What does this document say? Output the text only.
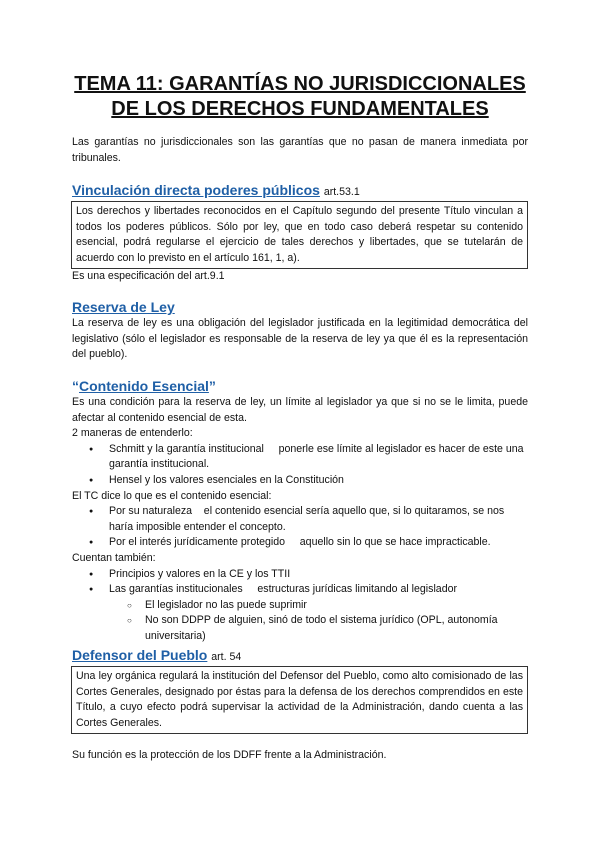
TEMA 11: GARANTÍAS NO JURISDICCIONALES
DE LOS DERECHOS FUNDAMENTALES
Las garantías no jurisdiccionales son las garantías que no pasan de manera inmediata por tribunales.
Vinculación directa poderes públicos art.53.1
Los derechos y libertades reconocidos en el Capítulo segundo del presente Título vinculan a todos los poderes públicos. Sólo por ley, que en todo caso deberá respetar su contenido esencial, podrá regularse el ejercicio de tales derechos y libertades, que se tutelarán de acuerdo con lo previsto en el artículo 161, 1, a).
Es una especificación del art.9.1
Reserva de Ley
La reserva de ley es una obligación del legislador justificada en la legitimidad democrática del legislativo (sólo el legislador es responsable de la reserva de ley ya que él es la representación del pueblo).
“Contenido Esencial”
Es una condición para la reserva de ley, un límite al legislador ya que si no se le limita, puede afectar al contenido esencial de esta.
2 maneras de entenderlo:
● Schmitt y la garantía institucional     ponerle ese límite al legislador es hacer de este una garantía institucional.
● Hensel y los valores esenciales en la Constitución
El TC dice lo que es el contenido esencial:
● Por su naturaleza    el contenido esencial sería aquello que, si lo quitaramos, se nos haría imposible entender el concepto.
● Por el interés jurídicamente protegido     aquello sin lo que se hace impracticable.
Cuentan también:
● Principios y valores en la CE y los TTII
● Las garantías institucionales     estructuras jurídicas limitando al legislador
○ El legislador no las puede suprimir
○ No son DDPP de alguien, sinó de todo el sistema jurídico (OPL, autonomía universitaria)
Defensor del Pueblo art. 54
Una ley orgánica regulará la institución del Defensor del Pueblo, como alto comisionado de las Cortes Generales, designado por éstas para la defensa de los derechos comprendidos en este Título, a cuyo efecto podrá supervisar la actividad de la Administración, dando cuenta a las Cortes Generales.
Su función es la protección de los DDFF frente a la Administración.
